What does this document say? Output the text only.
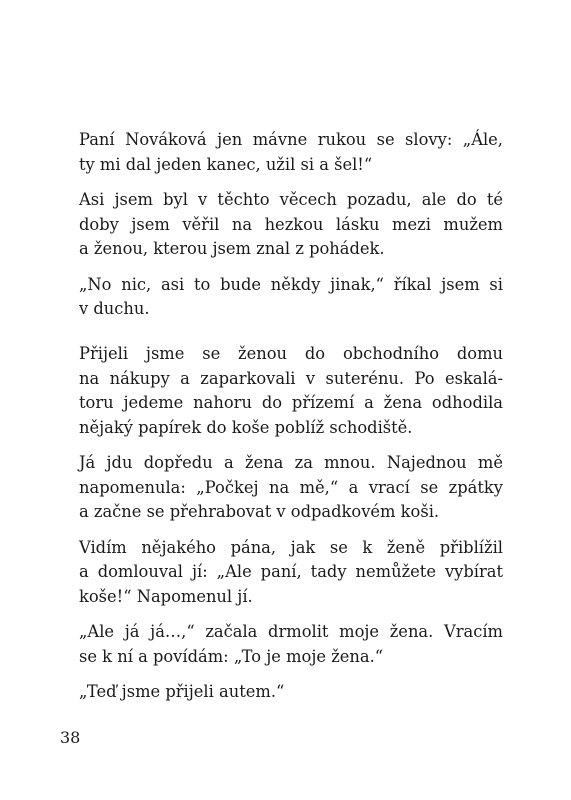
Paní Nováková jen mávne rukou se slovy: „Ále,
ty mi dal jeden kanec, užil si a šel!“

Asi jsem byl v těchto věcech pozadu, ale do té
doby jsem věřil na hezkou lásku mezi mužem
a ženou, kterou jsem znal z pohádek.

„No nic, asi to bude někdy jinak,“ říkal jsem si
v duchu.

Přijeli jsme se ženou do obchodního domu
na nákupy a zaparkovali v suterénu. Po eskalá-
toru jedeme nahoru do přízemí a žena odhodila
nějaký papírek do koše poblíž schodiště.

Já jdu dopředu a žena za mnou. Najednou mě
napomenula: „Počkej na mě,“ a vrací se zpátky
a začne se přehrabovat v odpadkovém koši.

Vidím nějakého pána, jak se k ženě přiblížil
a domlouval jí: „Ale paní, tady nemůžete vybírat
koše!“ Napomenul jí.

„Ale já já…,“ začala drmolit moje žena. Vracím
se k ní a povídám: „To je moje žena.“

„Teď jsme přijeli autem.“

38
